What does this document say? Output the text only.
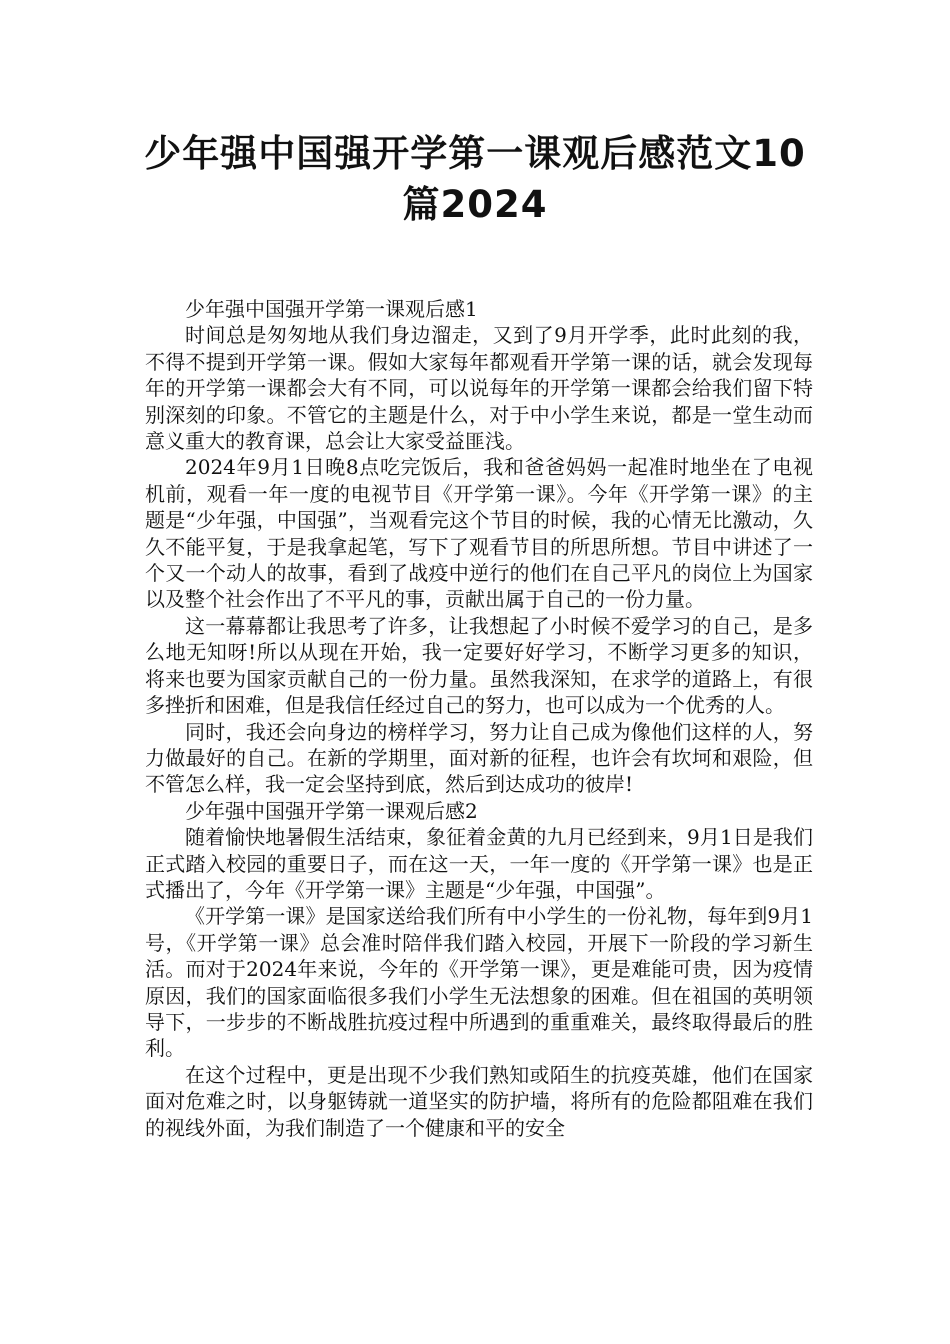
少年强中国强开学第一课观后感范文10
篇2024

少年强中国强开学第一课观后感1

时间总是匆匆地从我们身边溜走，又到了9月开学季，此时此刻的我，不得不提到开学第一课。假如大家每年都观看开学第一课的话，就会发现每年的开学第一课都会大有不同，可以说每年的开学第一课都会给我们留下特别深刻的印象。不管它的主题是什么，对于中小学生来说，都是一堂生动而意义重大的教育课，总会让大家受益匪浅。

2024年9月1日晚8点吃完饭后，我和爸爸妈妈一起准时地坐在了电视机前，观看一年一度的电视节目《开学第一课》。今年《开学第一课》的主题是“少年强，中国强”，当观看完这个节目的时候，我的心情无比激动，久久不能平复，于是我拿起笔，写下了观看节目的所思所想。节目中讲述了一个又一个动人的故事，看到了战疫中逆行的他们在自己平凡的岗位上为国家以及整个社会作出了不平凡的事，贡献出属于自己的一份力量。

这一幕幕都让我思考了许多，让我想起了小时候不爱学习的自己，是多么地无知呀!所以从现在开始，我一定要好好学习，不断学习更多的知识，将来也要为国家贡献自己的一份力量。虽然我深知，在求学的道路上，有很多挫折和困难，但是我信任经过自己的努力，也可以成为一个优秀的人。

同时，我还会向身边的榜样学习，努力让自己成为像他们这样的人，努力做最好的自己。在新的学期里，面对新的征程，也许会有坎坷和艰险，但不管怎么样，我一定会坚持到底，然后到达成功的彼岸!

少年强中国强开学第一课观后感2

随着愉快地暑假生活结束，象征着金黄的九月已经到来，9月1日是我们正式踏入校园的重要日子，而在这一天，一年一度的《开学第一课》也是正式播出了，今年《开学第一课》主题是“少年强，中国强”。

《开学第一课》是国家送给我们所有中小学生的一份礼物，每年到9月1号，《开学第一课》总会准时陪伴我们踏入校园，开展下一阶段的学习新生活。而对于2024年来说，今年的《开学第一课》，更是难能可贵，因为疫情原因，我们的国家面临很多我们小学生无法想象的困难。但在祖国的英明领导下，一步步的不断战胜抗疫过程中所遇到的重重难关，最终取得最后的胜利。

在这个过程中，更是出现不少我们熟知或陌生的抗疫英雄，他们在国家面对危难之时，以身躯铸就一道坚实的防护墙，将所有的危险都阻难在我们的视线外面，为我们制造了一个健康和平的安全
